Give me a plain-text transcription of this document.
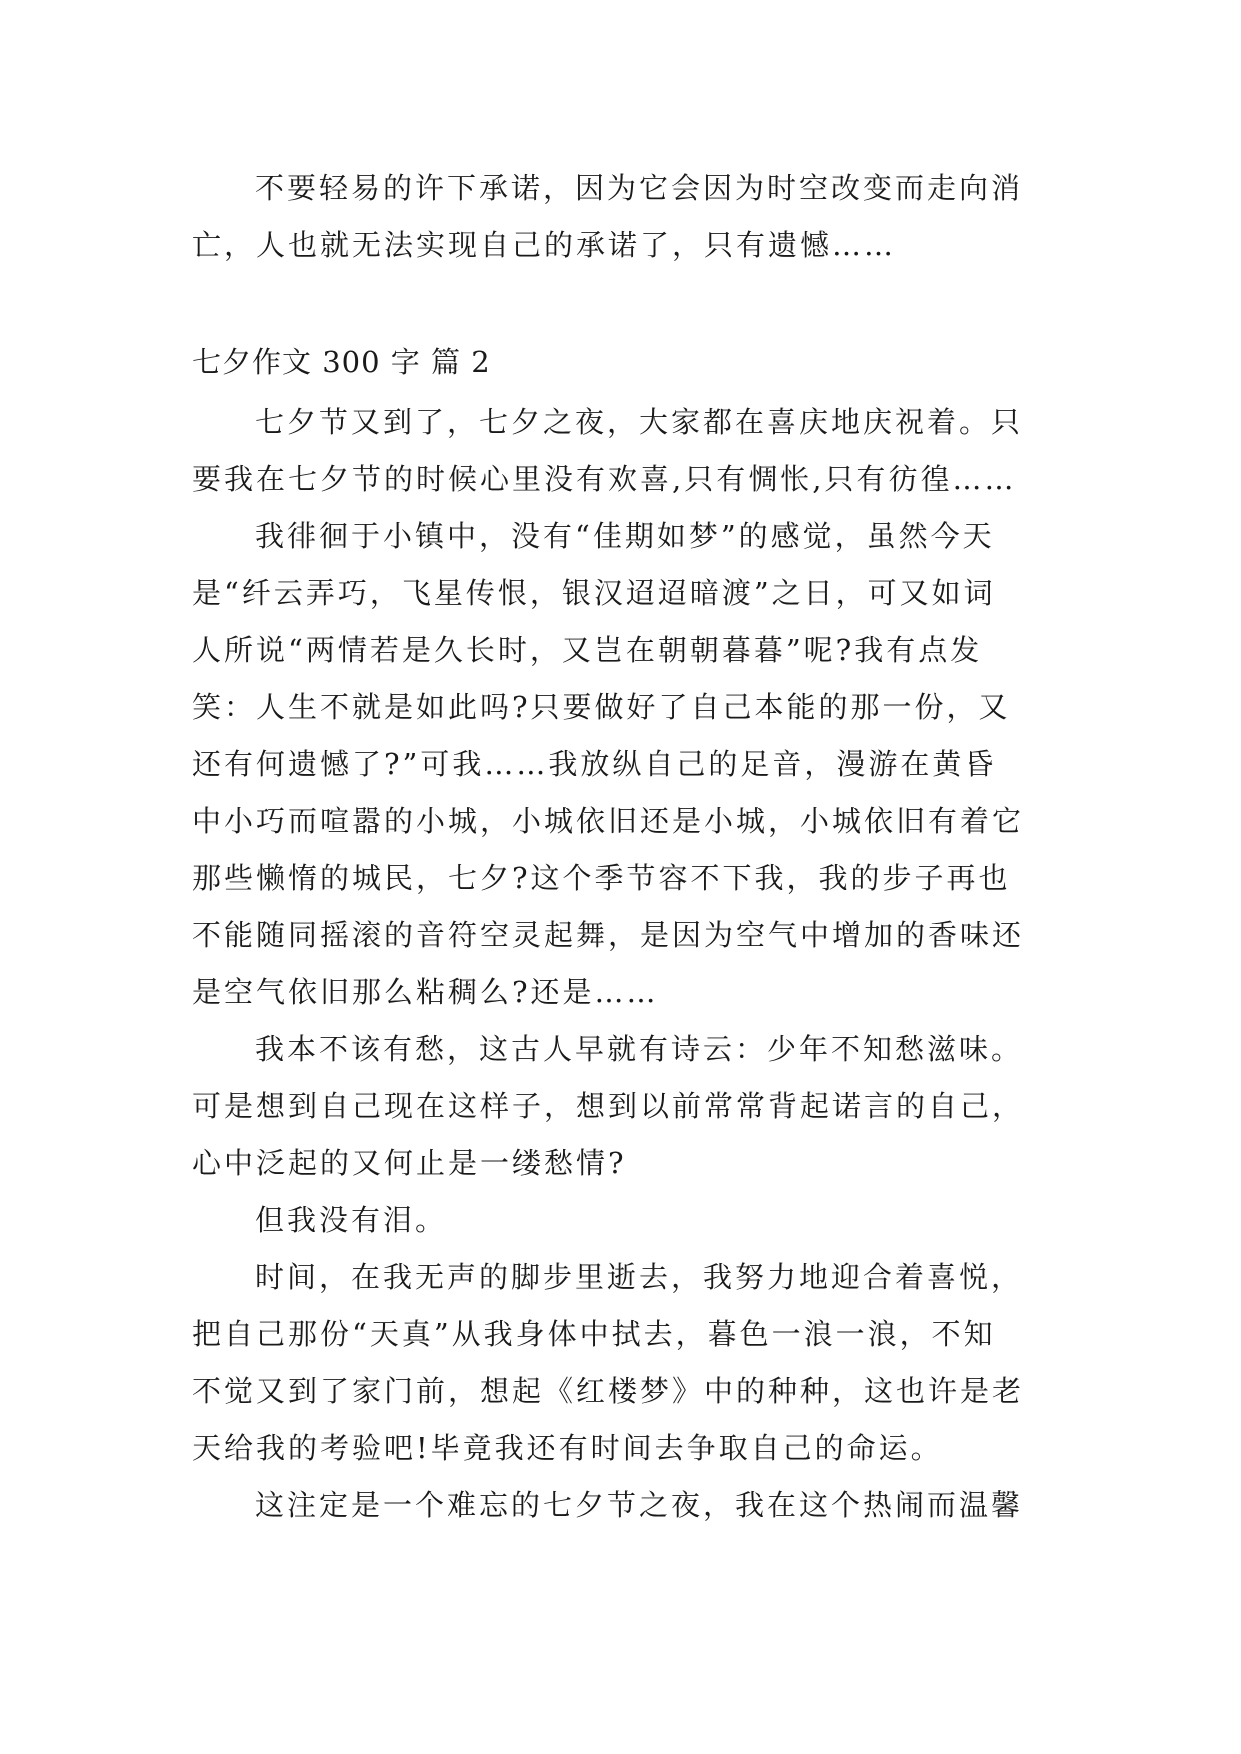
不要轻易的许下承诺，因为它会因为时空改变而走向消
亡，人也就无法实现自己的承诺了，只有遗憾……
七夕作文 300 字 篇 2
七夕节又到了，七夕之夜，大家都在喜庆地庆祝着。只
要我在七夕节的时候心里没有欢喜,只有惆怅,只有彷徨……
我徘徊于小镇中，没有“佳期如梦”的感觉，虽然今天
是“纤云弄巧，飞星传恨，银汉迢迢暗渡”之日，可又如词
人所说“两情若是久长时，又岂在朝朝暮暮”呢?我有点发
笑：人生不就是如此吗?只要做好了自己本能的那一份，又
还有何遗憾了?”可我……我放纵自己的足音，漫游在黄昏
中小巧而喧嚣的小城，小城依旧还是小城，小城依旧有着它
那些懒惰的城民，七夕?这个季节容不下我，我的步子再也
不能随同摇滚的音符空灵起舞，是因为空气中增加的香味还
是空气依旧那么粘稠么?还是……
我本不该有愁，这古人早就有诗云：少年不知愁滋味。
可是想到自己现在这样子，想到以前常常背起诺言的自己，
心中泛起的又何止是一缕愁情?
但我没有泪。
时间，在我无声的脚步里逝去，我努力地迎合着喜悦，
把自己那份“天真”从我身体中拭去，暮色一浪一浪，不知
不觉又到了家门前，想起《红楼梦》中的种种，这也许是老
天给我的考验吧!毕竟我还有时间去争取自己的命运。
这注定是一个难忘的七夕节之夜，我在这个热闹而温馨
